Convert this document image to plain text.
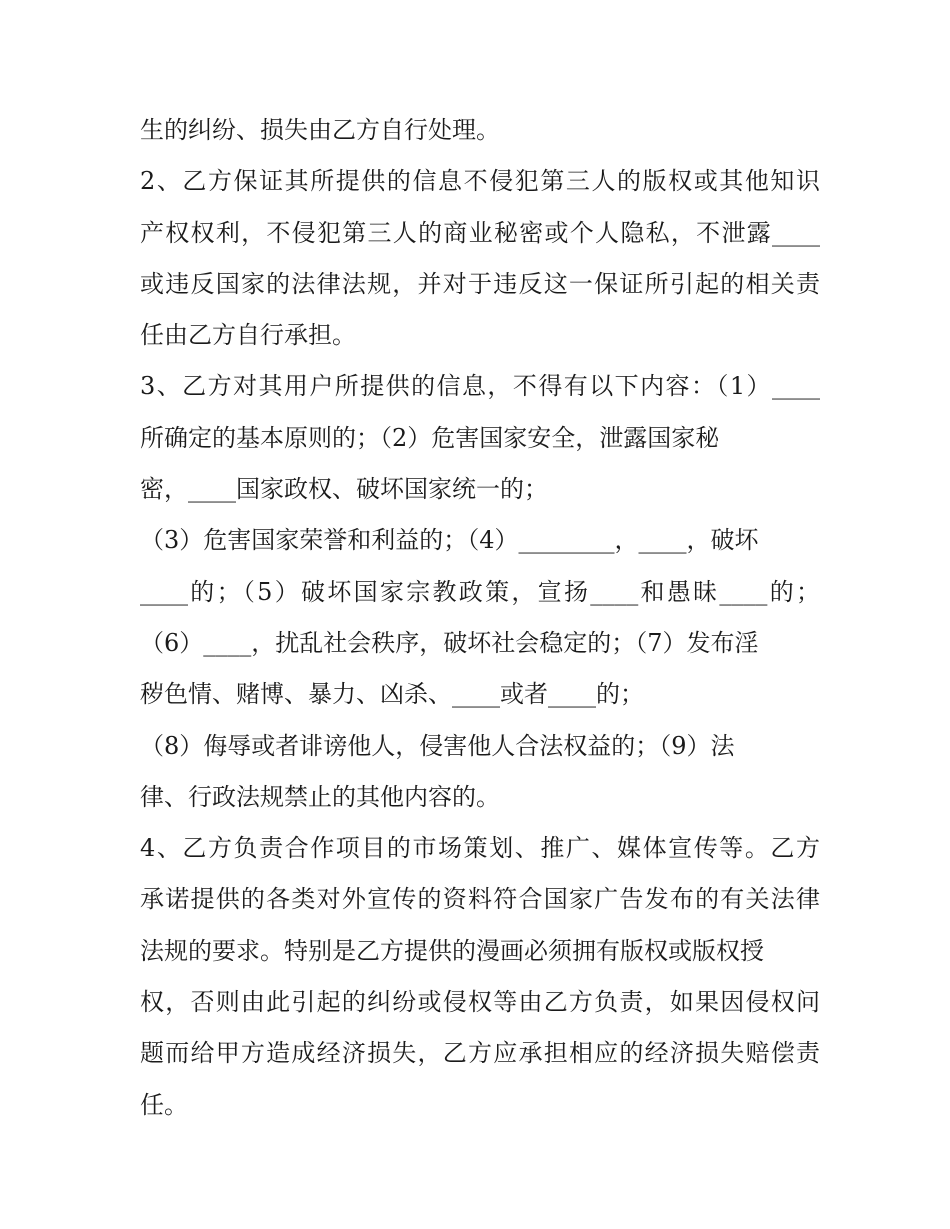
生的纠纷、损失由乙方自行处理。
2、乙方保证其所提供的信息不侵犯第三人的版权或其他知识
产权权利，不侵犯第三人的商业秘密或个人隐私，不泄露____
或违反国家的法律法规，并对于违反这一保证所引起的相关责
任由乙方自行承担。
3、乙方对其用户所提供的信息，不得有以下内容：（1）____
所确定的基本原则的；（2）危害国家安全，泄露国家秘
密，____国家政权、破坏国家统一的；
（3）危害国家荣誉和利益的；（4）________，____，破坏
____的；（5）破坏国家宗教政策，宣扬____和愚昧____的；
（6）____，扰乱社会秩序，破坏社会稳定的；（7）发布淫
秽色情、赌博、暴力、凶杀、____或者____的；
（8）侮辱或者诽谤他人，侵害他人合法权益的；（9）法
律、行政法规禁止的其他内容的。
4、乙方负责合作项目的市场策划、推广、媒体宣传等。乙方
承诺提供的各类对外宣传的资料符合国家广告发布的有关法律
法规的要求。特别是乙方提供的漫画必须拥有版权或版权授
权，否则由此引起的纠纷或侵权等由乙方负责，如果因侵权问
题而给甲方造成经济损失，乙方应承担相应的经济损失赔偿责
任。
